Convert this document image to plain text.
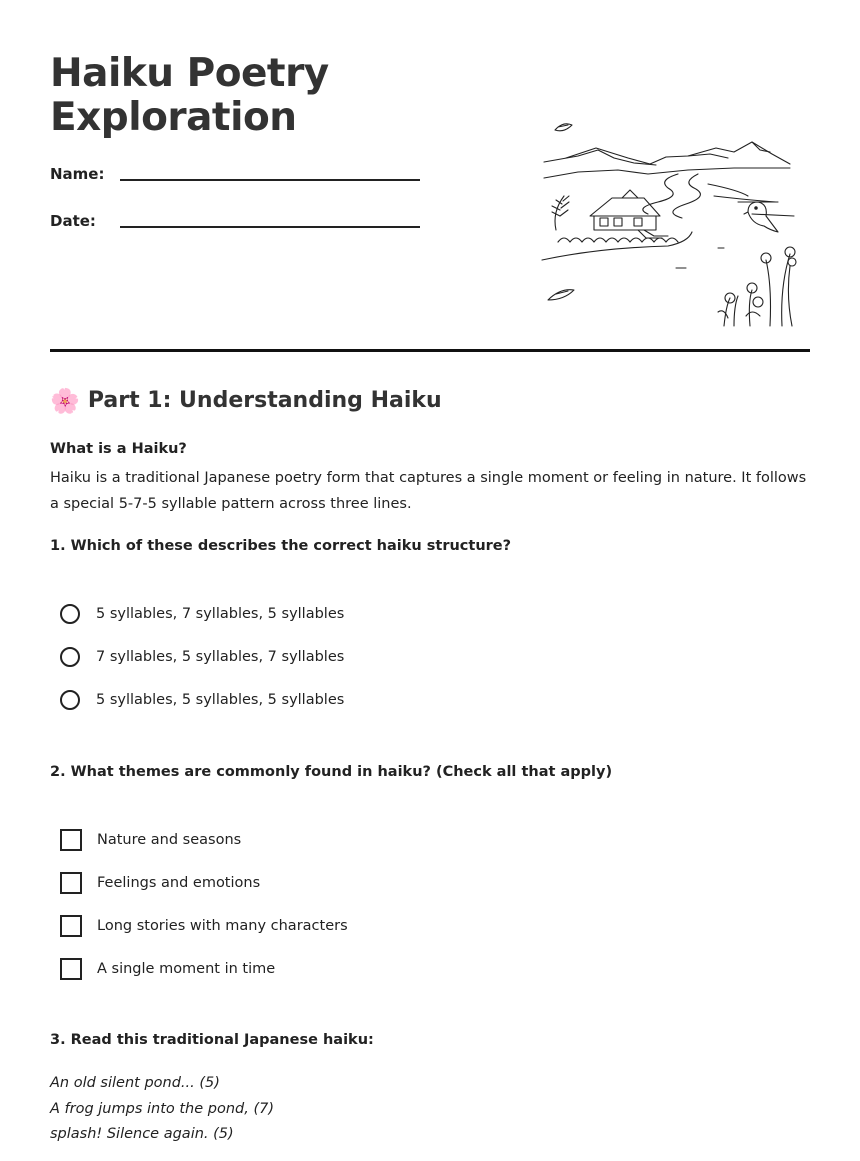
Haiku Poetry
Exploration
Name:
Date:
🌸 Part 1: Understanding Haiku
What is a Haiku?

Haiku is a traditional Japanese poetry form that captures a single moment or feeling in nature. It follows a special 5-7-5 syllable pattern across three lines.

1. Which of these describes the correct haiku structure?
5 syllables, 7 syllables, 5 syllables
7 syllables, 5 syllables, 7 syllables
5 syllables, 5 syllables, 5 syllables
2. What themes are commonly found in haiku? (Check all that apply)
Nature and seasons
Feelings and emotions
Long stories with many characters
A single moment in time
3. Read this traditional Japanese haiku:
An old silent pond... (5)
A frog jumps into the pond, (7)
splash! Silence again. (5)
